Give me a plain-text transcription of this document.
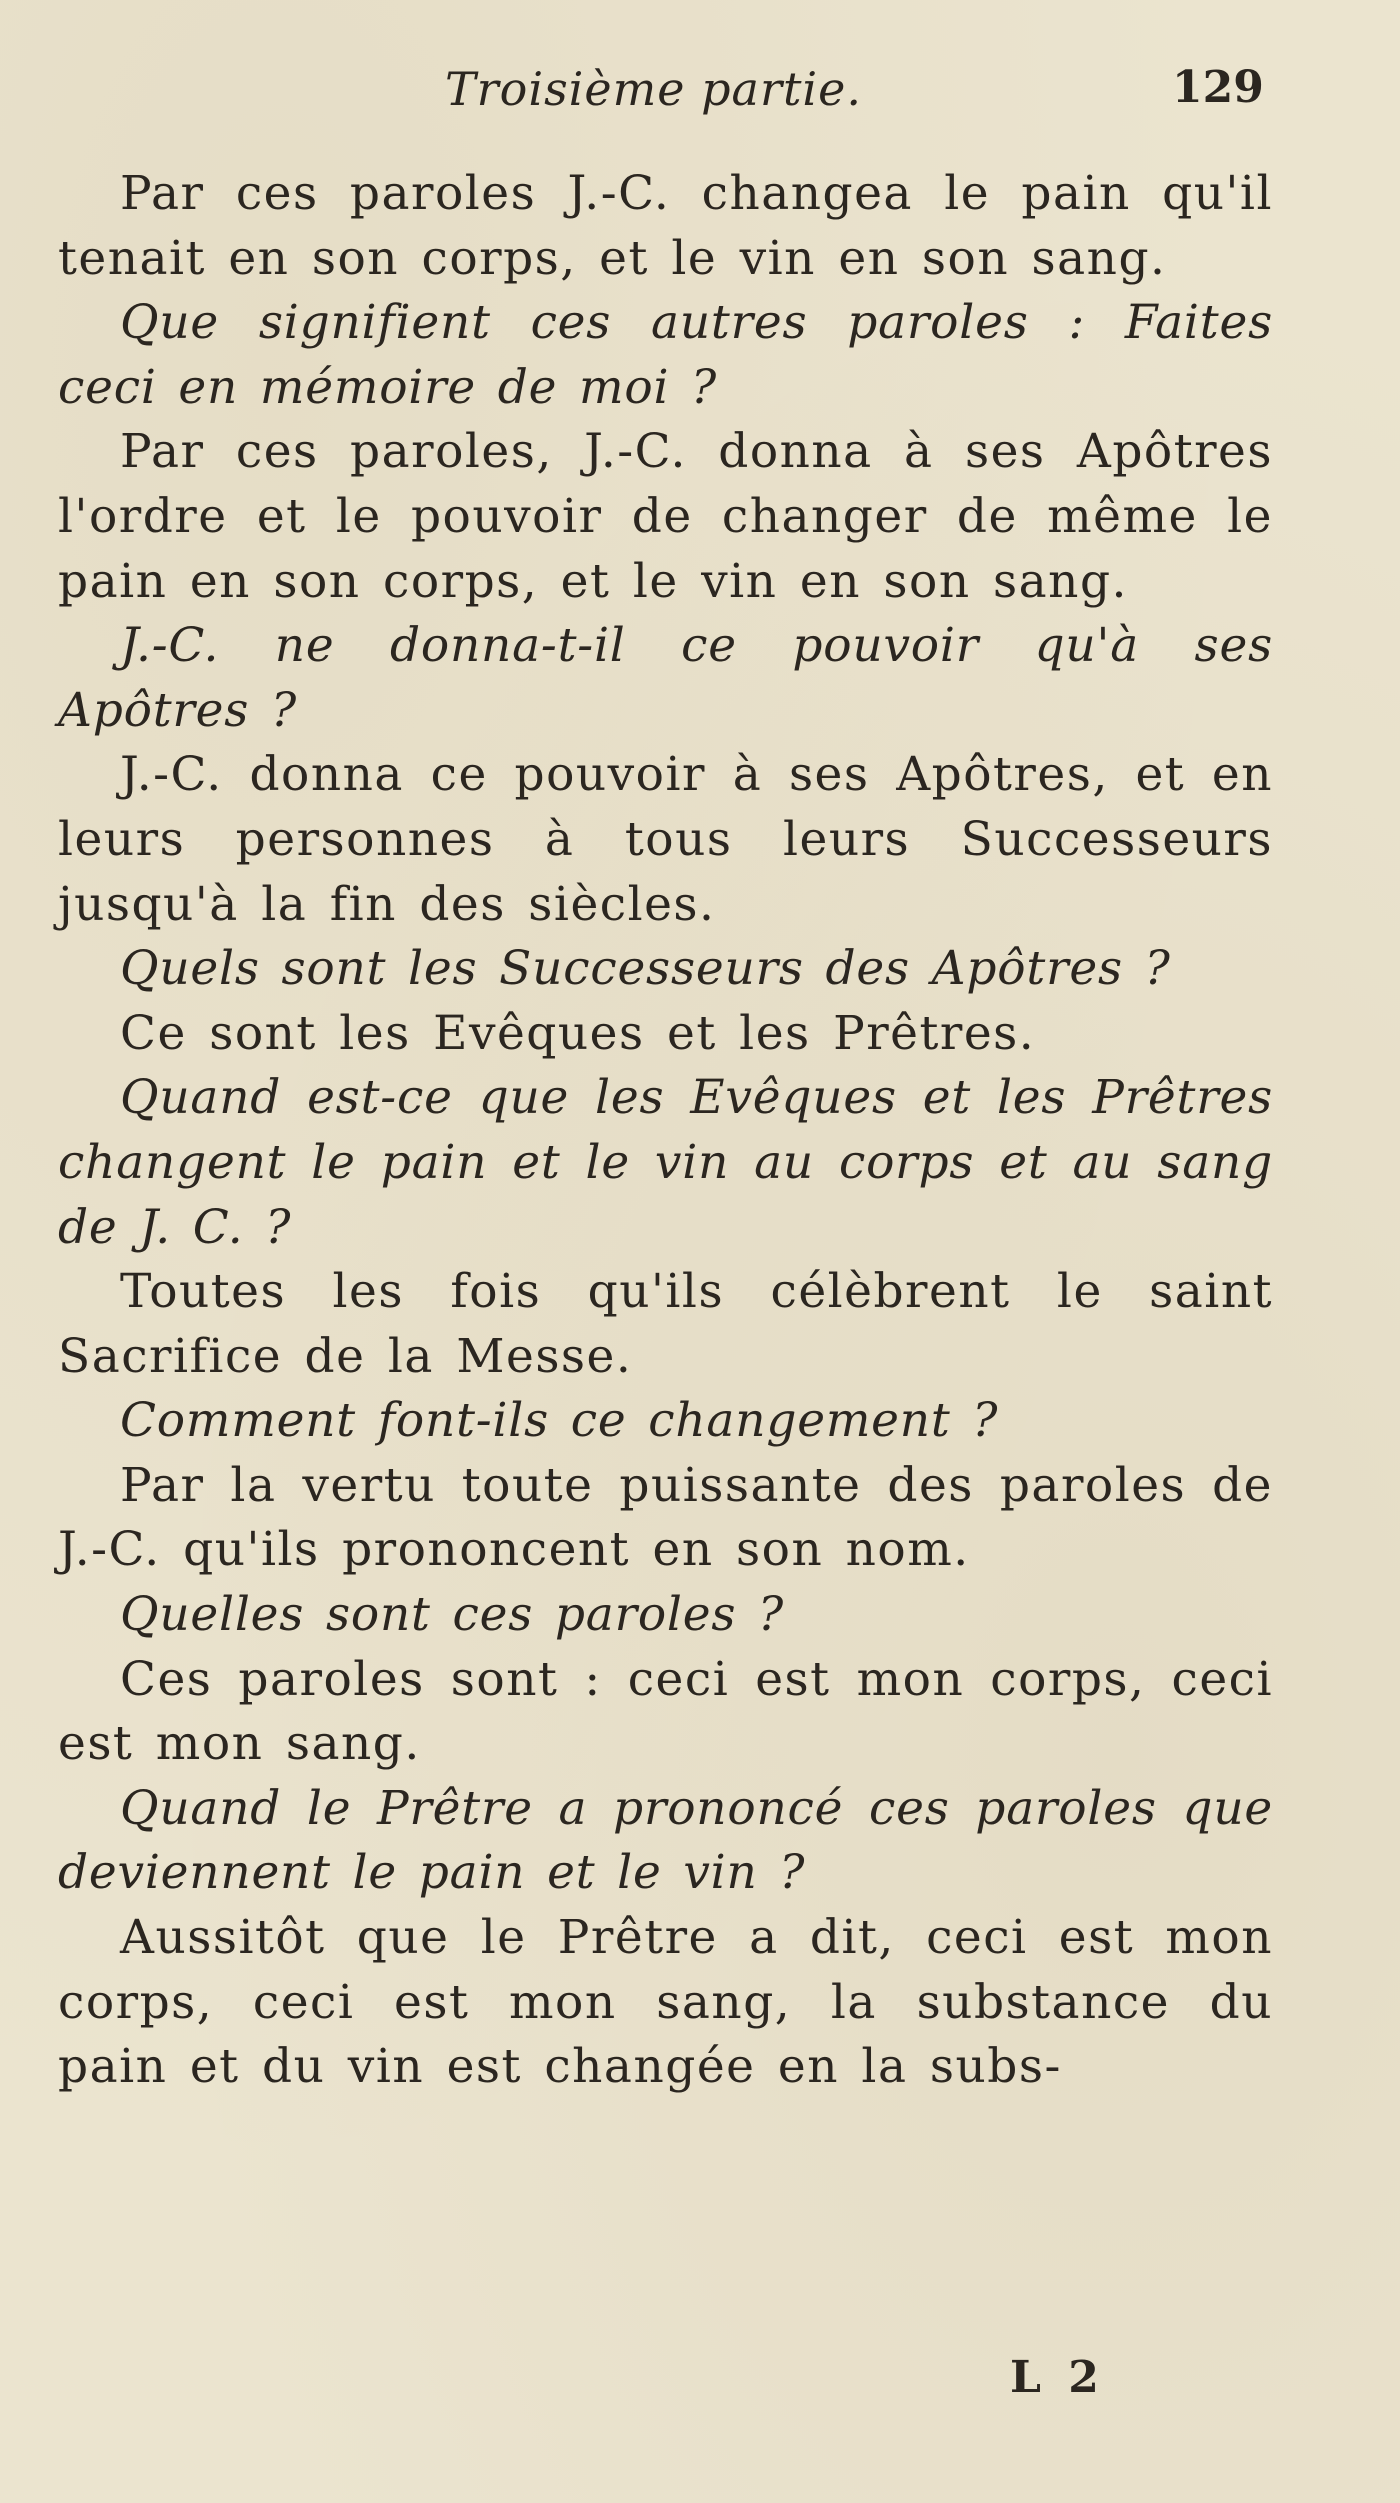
Troisième partie.	129

Par ces paroles J.-C. changea le pain qu'il tenait en son corps, et le vin en son sang.

Que signifient ces autres paroles : Faites ceci en mémoire de moi ?

Par ces paroles, J.-C. donna à ses Apôtres l'ordre et le pouvoir de changer de même le pain en son corps, et le vin en son sang.

J.-C. ne donna-t-il ce pouvoir qu'à ses Apôtres ?

J.-C. donna ce pouvoir à ses Apôtres, et en leurs personnes à tous leurs Successeurs jusqu'à la fin des siècles.

Quels sont les Successeurs des Apôtres ?

Ce sont les Evêques et les Prêtres.

Quand est-ce que les Evêques et les Prêtres changent le pain et le vin au corps et au sang de J. C. ?

Toutes les fois qu'ils célèbrent le saint Sacrifice de la Messe.

Comment font-ils ce changement ?

Par la vertu toute puissante des paroles de J.-C. qu'ils prononcent en son nom.

Quelles sont ces paroles ?

Ces paroles sont : ceci est mon corps, ceci est mon sang.

Quand le Prêtre a prononcé ces paroles que deviennent le pain et le vin ?

Aussitôt que le Prêtre a dit, ceci est mon corps, ceci est mon sang, la substance du pain et du vin est changée en la subs-

L 2
